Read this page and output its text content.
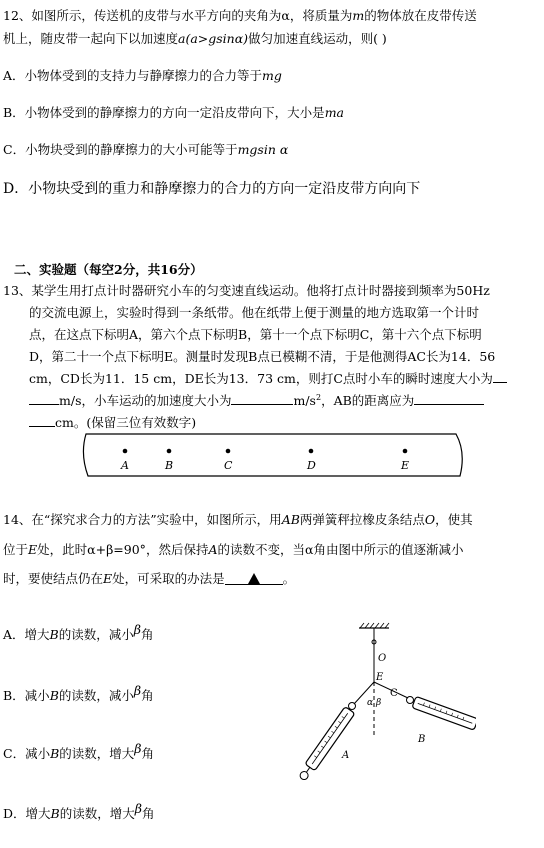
12、如图所示，传送机的皮带与水平方向的夹角为α，将质量为m的物体放在皮带传送
机上，随皮带一起向下以加速度a(a>gsinα)做匀加速直线运动，则( )
A．小物体受到的支持力与静摩擦力的合力等于mg
B．小物体受到的静摩擦力的方向一定沿皮带向下，大小是ma
C．小物块受到的静摩擦力的大小可能等于mgsin α
D．小物块受到的重力和静摩擦力的合力的方向一定沿皮带方向向下
二、实验题（每空2分，共16分）
13、某学生用打点计时器研究小车的匀变速直线运动。他将打点计时器接到频率为50Hz
的交流电源上，实验时得到一条纸带。他在纸带上便于测量的地方选取第一个计时
点，在这点下标明A，第六个点下标明B，第十一个点下标明C，第十六个点下标明
D，第二十一个点下标明E。测量时发现B点已模糊不清，于是他测得AC长为14．56
cm，CD长为11．15 cm，DE长为13．73 cm，则打C点时小车的瞬时速度大小为
m/s，小车运动的加速度大小为	$m/s^2$，AB的距离应为
cm。(保留三位有效数字)
A	B	C	D	E
14、在“探究求合力的方法”实验中，如图所示，用AB两弹簧秤拉橡皮条结点O，使其
位于E处，此时α+β=90°，然后保持A的读数不变，当α角由图中所示的值逐渐减小
时，要使结点仍在E处，可采取的办法是	。
A．增大B的读数，减小β角
B．减小B的读数，减小β角
C．减小B的读数，增大β角
D．增大B的读数，增大β角
O
E
C
α β
A
B
